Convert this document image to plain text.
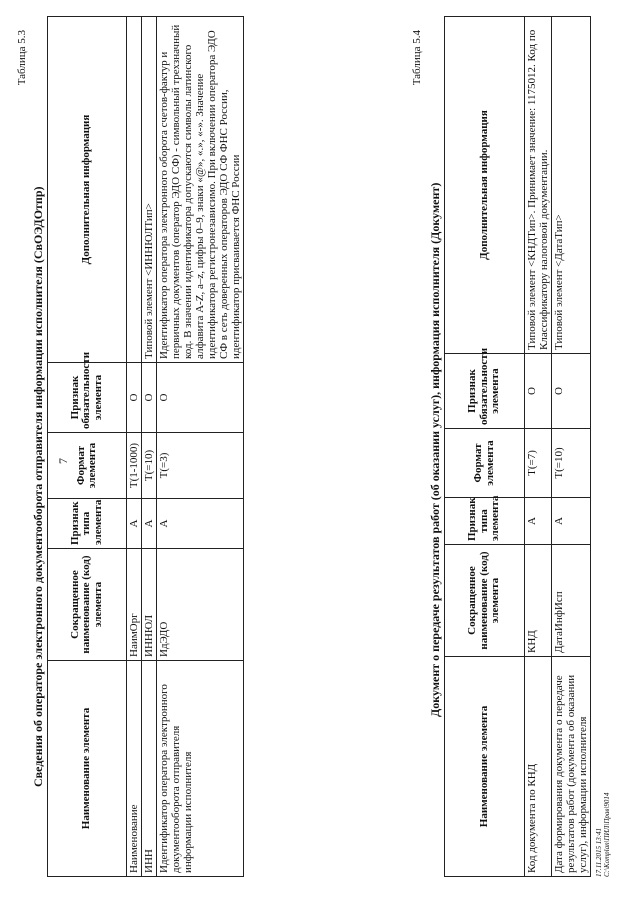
7
Таблица 5.3
Сведения об операторе электронного документооборота отправителя информации исполнителя (СвОЭДОтпр)	Наименование элемента	Сокращенное наименование (код) элемента	Признак типа элемента	Формат элемента	Признак обязательности элемента	Дополнительная информация
Наименование	НаимОрг	А	T(1-1000)	О	
ИНН	ИННЮЛ	А	T(=10)	О	Типовой элемент <ИННЮЛТип>
Идентификатор оператора электронного документооборота отправителя информации исполнителя	ИдЭДО	А	T(=3)	О	Идентификатор оператора электронного оборота счетов-фактур и первичных документов (оператор ЭДО СФ) - символьный трехзначный код. В значении идентификатора допускаются символы латинского алфавита A-Z, a–z, цифры 0–9, знаки «@», «.», «-». Значение идентификатора регистронезависимо. При включении оператора ЭДО СФ в сеть доверенных операторов ЭДО СФ ФНС России, идентификатор присваивается ФНС России
Таблица 5.4
Документ о передаче результатов работ (об оказании услуг), информация исполнителя (Документ)
Наименование элемента	Сокращенное наименование (код) элемента	Признак типа элемента	Формат элемента	Признак обязательности элемента	Дополнительная информация
Код документа по КНД	КНД	А	T(=7)	О	Типовой элемент <КНДТип>. Принимает значение: 1175012. Код по Классификатору налоговой документации.
Дата формирования документа о передаче результатов работ (документа об оказании услуг), информации исполнителя	ДатаИнфИсп	А	T(=10)	О	Типовой элемент <ДатаТип>
17.11.2015 13:41 C:\Komplan\ПИЛ\Прав\9014
